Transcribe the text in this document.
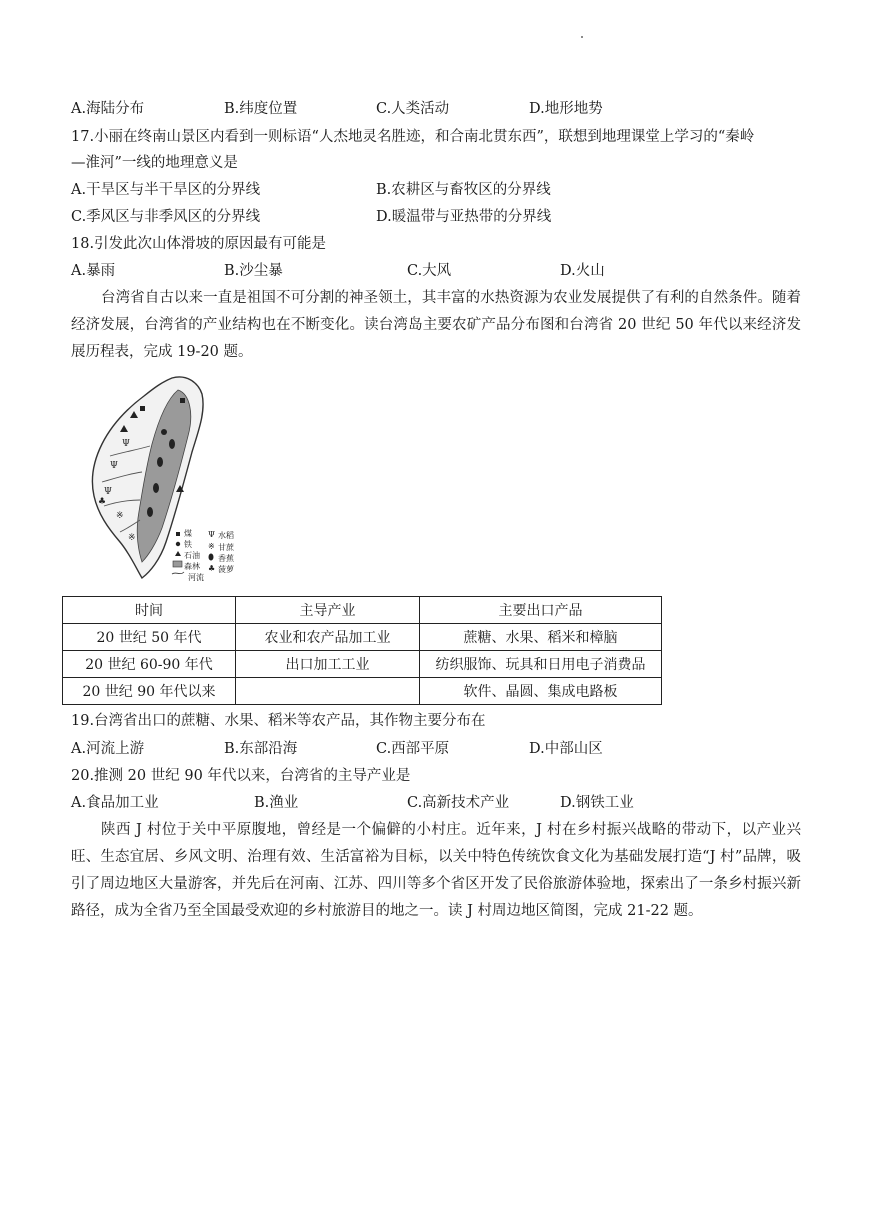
A.海陆分布	B.纬度位置	C.人类活动	D.地形地势
17.小丽在终南山景区内看到一则标语“人杰地灵名胜迹，和合南北贯东西”，联想到地理课堂上学习的“秦岭
—淮河”一线的地理意义是
A.干旱区与半干旱区的分界线	B.农耕区与畜牧区的分界线
C.季风区与非季风区的分界线	D.暖温带与亚热带的分界线
18.引发此次山体滑坡的原因最有可能是
A.暴雨	B.沙尘暴	C.大风	D.火山
台湾省自古以来一直是祖国不可分割的神圣领土，其丰富的水热资源为农业发展提供了有利的自然条件。随着经济发展，台湾省的产业结构也在不断变化。读台湾岛主要农矿产品分布图和台湾省 20 世纪 50 年代以来经济发展历程表，完成 19-20 题。
Ψ
Ψ
Ψ
※
※
♣
Ψ
※
♣
煤
铁
石油
森林
河流
水稻
甘蔗
香蕉
菠萝
时间	主导产业	主要出口产品
20 世纪 50 年代	农业和农产品加工业	蔗糖、水果、稻米和樟脑
20 世纪 60-90 年代	出口加工工业	纺织服饰、玩具和日用电子消费品
20 世纪 90 年代以来		软件、晶圆、集成电路板
19.台湾省出口的蔗糖、水果、稻米等农产品，其作物主要分布在
A.河流上游	B.东部沿海	C.西部平原	D.中部山区
20.推测 20 世纪 90 年代以来，台湾省的主导产业是
A.食品加工业	B.渔业	C.高新技术产业	D.钢铁工业
陕西 J 村位于关中平原腹地，曾经是一个偏僻的小村庄。近年来，J 村在乡村振兴战略的带动下，以产业兴旺、生态宜居、乡风文明、治理有效、生活富裕为目标，以关中特色传统饮食文化为基础发展打造“J 村”品牌，吸引了周边地区大量游客，并先后在河南、江苏、四川等多个省区开发了民俗旅游体验地，探索出了一条乡村振兴新路径，成为全省乃至全国最受欢迎的乡村旅游目的地之一。读 J 村周边地区简图，完成 21-22 题。
